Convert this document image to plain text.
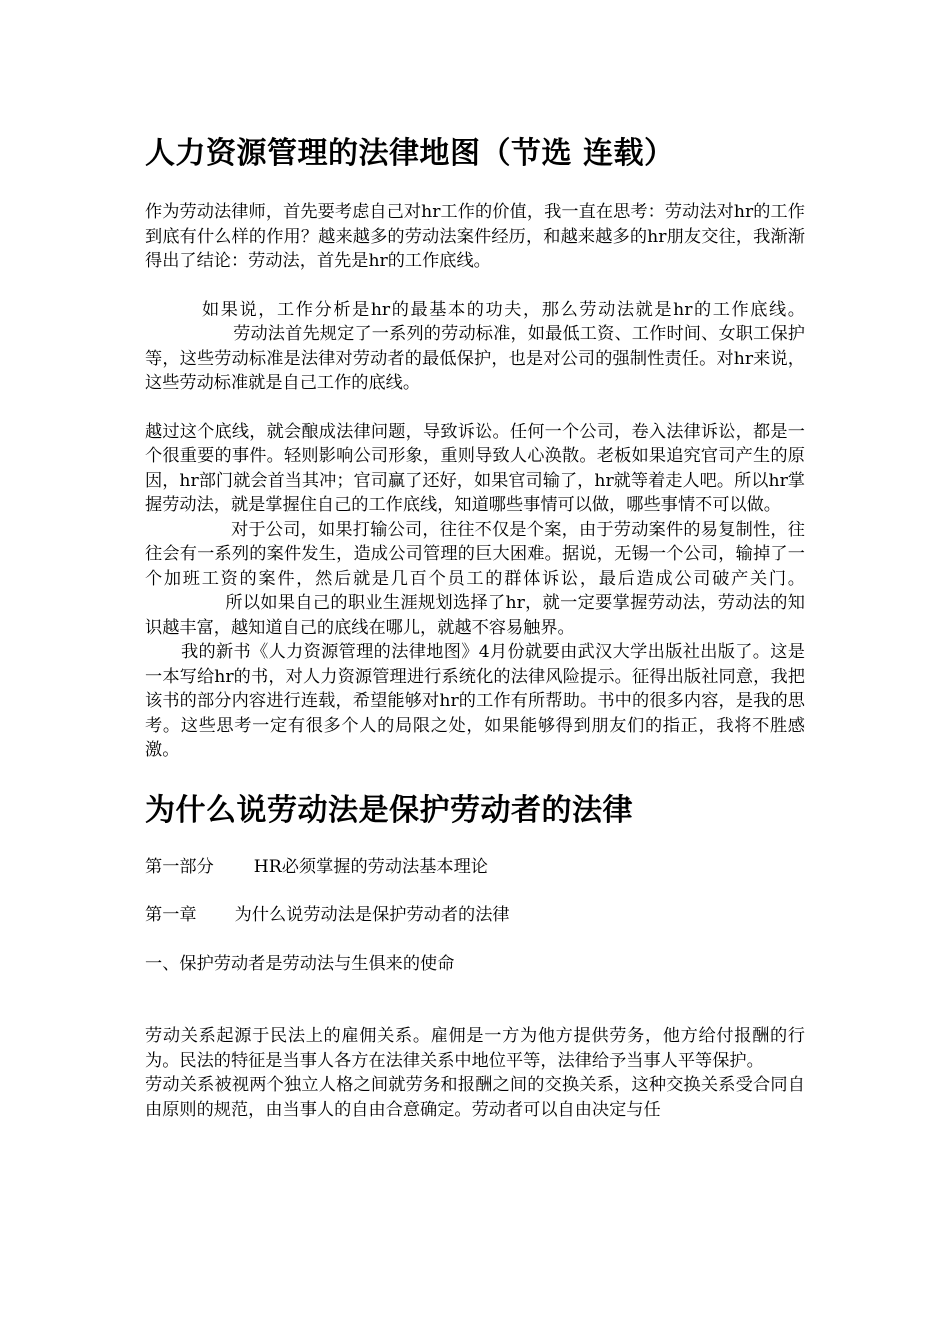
人力资源管理的法律地图（节选 连载）

作为劳动法律师，首先要考虑自己对hr工作的价值，我一直在思考：劳动法对hr的工作到底有什么样的作用？越来越多的劳动法案件经历，和越来越多的hr朋友交往，我渐渐得出了结论：劳动法，首先是hr的工作底线。

如果说，工作分析是hr的最基本的功夫，那么劳动法就是hr的工作底线。劳动法首先规定了一系列的劳动标准，如最低工资、工作时间、女职工保护等，这些劳动标准是法律对劳动者的最低保护，也是对公司的强制性责任。对hr来说，这些劳动标准就是自己工作的底线。

越过这个底线，就会酿成法律问题，导致诉讼。任何一个公司，卷入法律诉讼，都是一个很重要的事件。轻则影响公司形象，重则导致人心涣散。老板如果追究官司产生的原因，hr部门就会首当其冲；官司赢了还好，如果官司输了，hr就等着走人吧。所以hr掌握劳动法，就是掌握住自己的工作底线，知道哪些事情可以做，哪些事情不可以做。

对于公司，如果打输公司，往往不仅是个案，由于劳动案件的易复制性，往往会有一系列的案件发生，造成公司管理的巨大困难。据说，无锡一个公司，输掉了一个加班工资的案件，然后就是几百个员工的群体诉讼，最后造成公司破产关门。所以如果自己的职业生涯规划选择了hr，就一定要掌握劳动法，劳动法的知识越丰富，越知道自己的底线在哪儿，就越不容易触界。

我的新书《人力资源管理的法律地图》4月份就要由武汉大学出版社出版了。这是一本写给hr的书，对人力资源管理进行系统化的法律风险提示。征得出版社同意，我把该书的部分内容进行连载，希望能够对hr的工作有所帮助。书中的很多内容，是我的思考。这些思考一定有很多个人的局限之处，如果能够得到朋友们的指正，我将不胜感激。

为什么说劳动法是保护劳动者的法律

第一部分 HR必须掌握的劳动法基本理论

第一章 为什么说劳动法是保护劳动者的法律

一、保护劳动者是劳动法与生俱来的使命

劳动关系起源于民法上的雇佣关系。雇佣是一方为他方提供劳务，他方给付报酬的行为。民法的特征是当事人各方在法律关系中地位平等，法律给予当事人平等保护。

劳动关系被视两个独立人格之间就劳务和报酬之间的交换关系，这种交换关系受合同自由原则的规范，由当事人的自由合意确定。劳动者可以自由决定与任
